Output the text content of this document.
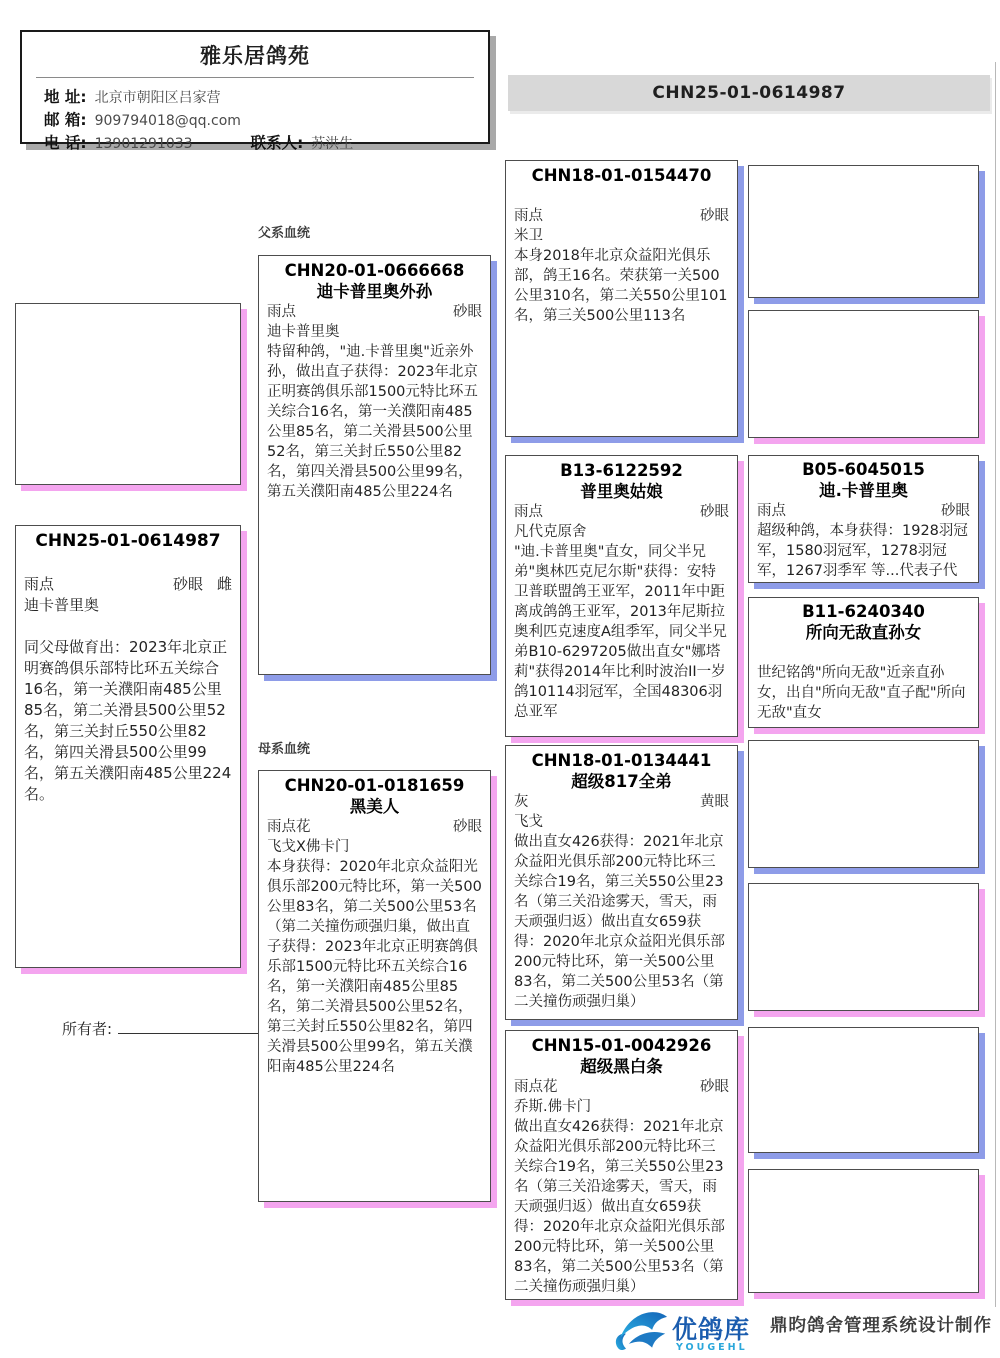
雅乐居鸽苑
地 址: 北京市朝阳区吕家营
邮 箱: 909794018@qq.com
电 话: 13901291033	联系人: 苏洪生
CHN25-01-0614987
CHN25-01-0614987
雨点	砂眼 雌
迪卡普里奥
同父母做育出：2023年北京正明赛鸽俱乐部特比环五关综合16名，第一关濮阳南485公里85名，第二关滑县500公里52名，第三关封丘550公里82名，第四关滑县500公里99名，第五关濮阳南485公里224名。
所有者:
父系血统
CHN20-01-0666668
迪卡普里奥外孙
雨点	砂眼
迪卡普里奥
特留种鸽，"迪.卡普里奥"近亲外孙，做出直子获得：2023年北京正明赛鸽俱乐部1500元特比环五关综合16名，第一关濮阳南485公里85名，第二关滑县500公里52名，第三关封丘550公里82名，第四关滑县500公里99名，第五关濮阳南485公里224名
母系血统
CHN20-01-0181659
黑美人
雨点花	砂眼
飞戈X佛卡门
本身获得：2020年北京众益阳光俱乐部200元特比环，第一关500公里83名，第二关500公里53名（第二关撞伤顽强归巢，做出直子获得：2023年北京正明赛鸽俱乐部1500元特比环五关综合16名，第一关濮阳南485公里85名，第二关滑县500公里52名，第三关封丘550公里82名，第四关滑县500公里99名，第五关濮阳南485公里224名
CHN18-01-0154470
雨点	砂眼
米卫
本身2018年北京众益阳光俱乐部，鸽王16名。荣获第一关500公里310名，第二关550公里101名，第三关500公里113名
B13-6122592
普里奥姑娘
雨点	砂眼
凡代克原舍
"迪.卡普里奥"直女，同父半兄弟"奥林匹克尼尔斯"获得：安特卫普联盟鸽王亚军，2011年中距离成鸽鸽王亚军，2013年尼斯拉奥利匹克速度A组季军，同父半兄弟B10-6297205做出直女"娜塔莉"获得2014年比利时波治II一岁鸽10114羽冠军，全国48306羽总亚军
CHN18-01-0134441
超级817全弟
灰	黄眼
飞戈
做出直女426获得：2021年北京众益阳光俱乐部200元特比环三关综合19名，第三关550公里23名（第三关沿途雾天，雪天，雨天顽强归返）做出直女659获得：2020年北京众益阳光俱乐部200元特比环，第一关500公里83名，第二关500公里53名（第二关撞伤顽强归巢）
CHN15-01-0042926
超级黑白条
雨点花	砂眼
乔斯.佛卡门
做出直女426获得：2021年北京众益阳光俱乐部200元特比环三关综合19名，第三关550公里23名（第三关沿途雾天，雪天，雨天顽强归返）做出直女659获得：2020年北京众益阳光俱乐部200元特比环，第一关500公里83名，第二关500公里53名（第二关撞伤顽强归巢）
B05-6045015
迪.卡普里奥
雨点	砂眼
超级种鸽，本身获得：1928羽冠军，1580羽冠军，1278羽冠军，1267羽季军 等...代表子代
B11-6240340
所向无敌直孙女
世纪铭鸽"所向无敌"近亲直孙女，出自"所向无敌"直子配"所向无敌"直女
优鸽库
YOUGEHL
鼎昀鸽舍管理系统设计制作
